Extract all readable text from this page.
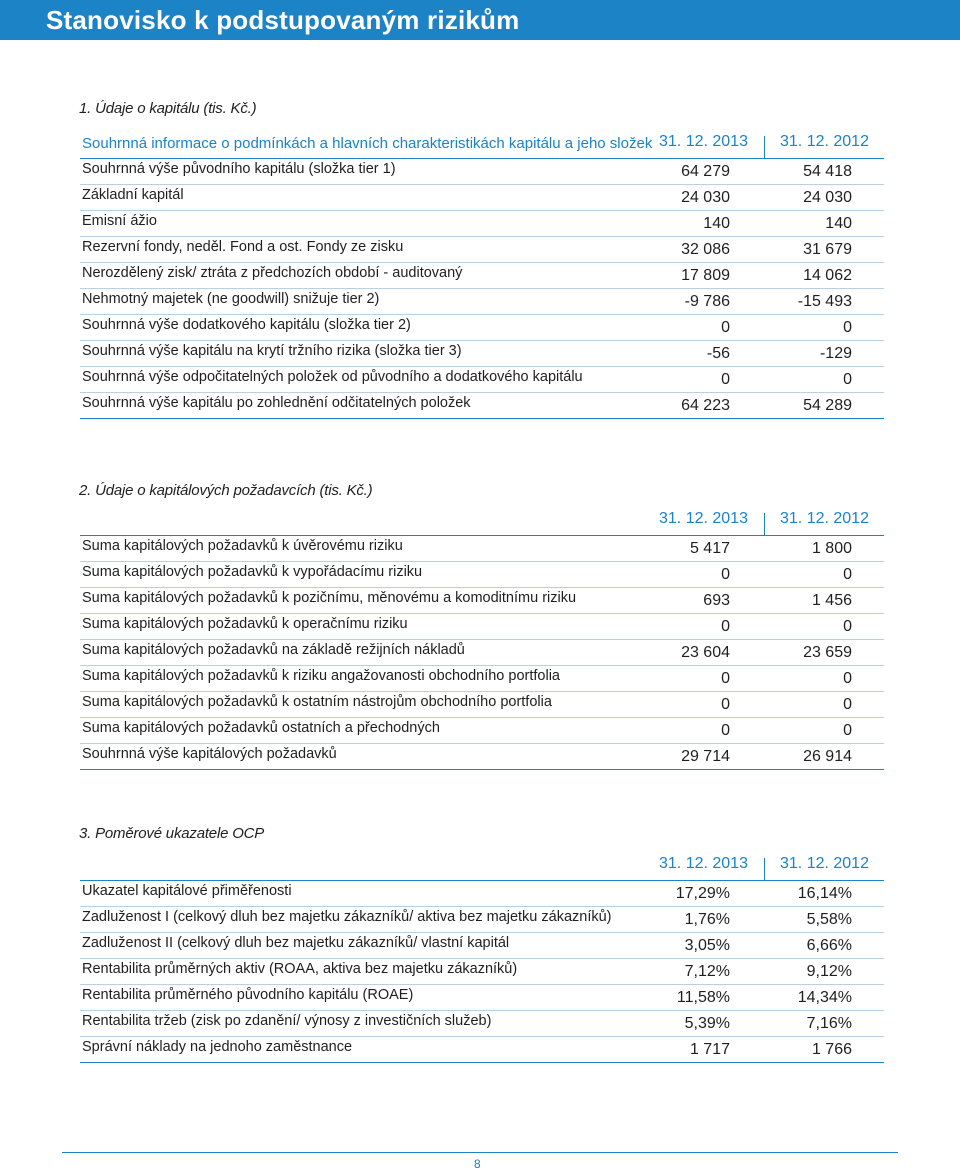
Stanovisko k podstupovaným rizikům
1. Údaje o kapitálu (tis. Kč.)
Souhrnná informace o podmínkách a hlavních charakteristikách kapitálu a jeho složek 31. 12. 2013 31. 12. 2012
Souhrnná výše původního kapitálu (složka tier 1)	64 279	54 418
Základní kapitál	24 030	24 030
Emisní ážio	140	140
Rezervní fondy, neděl. Fond a ost. Fondy ze zisku	32 086	31 679
Nerozdělený zisk/ ztráta z předchozích období - auditovaný	17 809	14 062
Nehmotný majetek (ne goodwill) snižuje tier 2)	-9 786	-15 493
Souhrnná výše dodatkového kapitálu (složka tier 2)	0	0
Souhrnná výše kapitálu na krytí tržního rizika (složka tier 3)	-56	-129
Souhrnná výše odpočitatelných položek od původního a dodatkového kapitálu	0	0
Souhrnná výše kapitálu po zohlednění odčitatelných položek	64 223	54 289
2. Údaje o kapitálových požadavcích (tis. Kč.)
31. 12. 2013 31. 12. 2012
Suma kapitálových požadavků k úvěrovému riziku	5 417	1 800
Suma kapitálových požadavků k vypořádacímu riziku	0	0
Suma kapitálových požadavků k pozičnímu, měnovému a komoditnímu riziku	693	1 456
Suma kapitálových požadavků k operačnímu riziku	0	0
Suma kapitálových požadavků na základě režijních nákladů	23 604	23 659
Suma kapitálových požadavků k riziku angažovanosti obchodního portfolia	0	0
Suma kapitálových požadavků k ostatním nástrojům obchodního portfolia	0	0
Suma kapitálových požadavků ostatních a přechodných	0	0
Souhrnná výše kapitálových požadavků	29 714	26 914
3. Poměrové ukazatele OCP
31. 12. 2013 31. 12. 2012
Ukazatel kapitálové přiměřenosti	17,29%	16,14%
Zadluženost I (celkový dluh bez majetku zákazníků/ aktiva bez majetku zákazníků)	1,76%	5,58%
Zadluženost II (celkový dluh bez majetku zákazníků/ vlastní kapitál	3,05%	6,66%
Rentabilita průměrných aktiv (ROAA, aktiva bez majetku zákazníků)	7,12%	9,12%
Rentabilita průměrného původního kapitálu (ROAE)	11,58%	14,34%
Rentabilita tržeb (zisk po zdanění/ výnosy z investičních služeb)	5,39%	7,16%
Správní náklady na jednoho zaměstnance	1 717	1 766
8
